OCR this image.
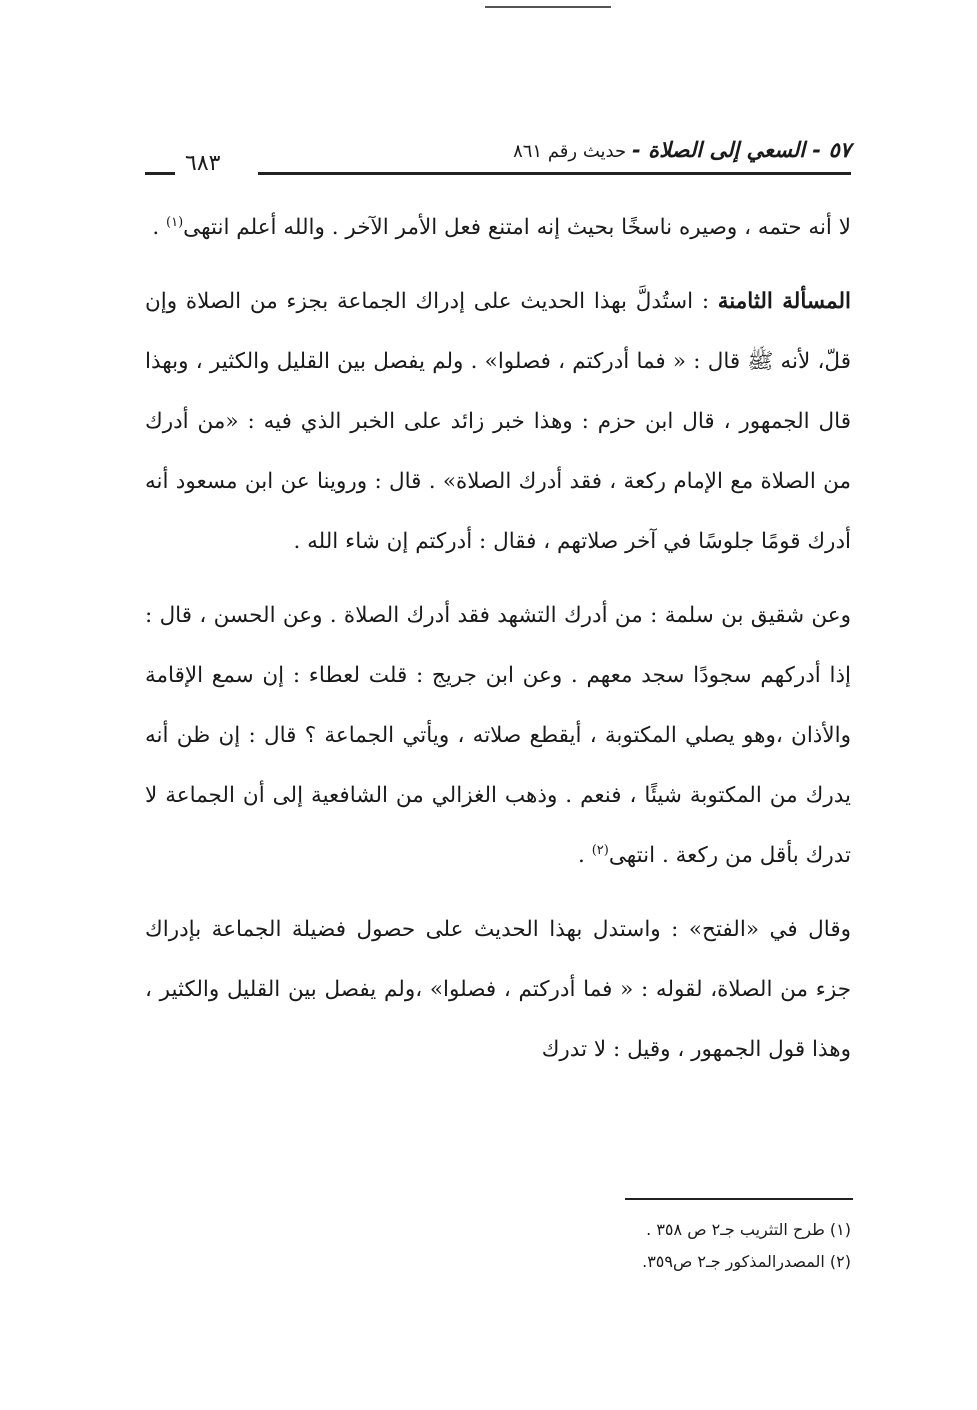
٥٧ - السعي إلى الصلاة - حديث رقم ٨٦١
٦٨٣

لا أنه حتمه ، وصيره ناسخًا بحيث إنه امتنع فعل الأمر الآخر . والله أعلم انتهى$^{(١)}$ .

المسألة الثامنة : استُدلَّ بهذا الحديث على إدراك الجماعة بجزء من الصلاة وإن قلّ، لأنه ﷺ قال : « فما أدركتم ، فصلوا» . ولم يفصل بين القليل والكثير ، وبهذا قال الجمهور ، قال ابن حزم : وهذا خبر زائد على الخبر الذي فيه : «من أدرك من الصلاة مع الإمام ركعة ، فقد أدرك الصلاة» . قال : وروينا عن ابن مسعود أنه أدرك قومًا جلوسًا في آخر صلاتهم ، فقال : أدركتم إن شاء الله .

وعن شقيق بن سلمة : من أدرك التشهد فقد أدرك الصلاة . وعن الحسن ، قال : إذا أدركهم سجودًا سجد معهم . وعن ابن جريج : قلت لعطاء : إن سمع الإقامة والأذان ،وهو يصلي المكتوبة ، أيقطع صلاته ، ويأتي الجماعة ؟ قال : إن ظن أنه يدرك من المكتوبة شيئًا ، فنعم . وذهب الغزالي من الشافعية إلى أن الجماعة لا تدرك بأقل من ركعة . انتهى$^{(٢)}$ .

وقال في «الفتح» : واستدل بهذا الحديث على حصول فضيلة الجماعة بإدراك جزء من الصلاة، لقوله : « فما أدركتم ، فصلوا» ،ولم يفصل بين القليل والكثير ، وهذا قول الجمهور ، وقيل : لا تدرك

(١) طرح التثريب جـ٢ ص ٣٥٨ .
(٢) المصدرالمذكور جـ٢ ص٣٥٩.
